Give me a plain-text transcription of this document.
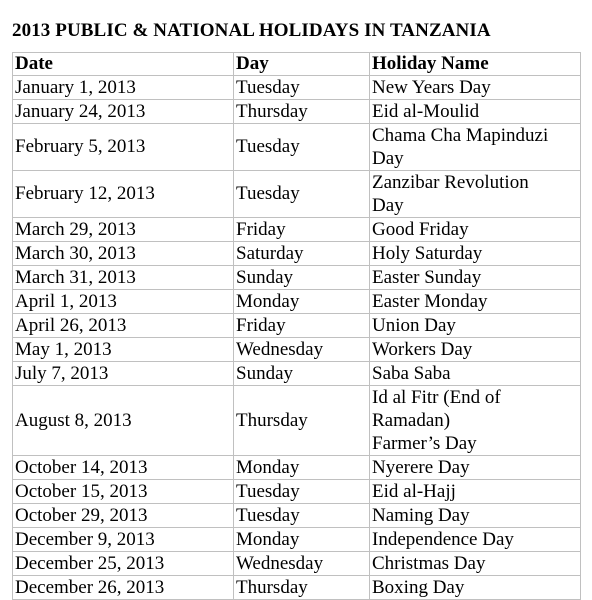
2013 PUBLIC & NATIONAL HOLIDAYS IN TANZANIA
Date	Day	Holiday Name
January 1, 2013	Tuesday	New Years Day

January 24, 2013	Thursday	Eid al-Moulid

February 5, 2013	Tuesday	Chama Cha Mapinduzi
Day

February 12, 2013	Tuesday	Zanzibar Revolution
Day

March 29, 2013	Friday	Good Friday

March 30, 2013	Saturday	Holy Saturday

March 31, 2013	Sunday	Easter Sunday

April 1, 2013	Monday	Easter Monday

April 26, 2013	Friday	Union Day

May 1, 2013	Wednesday	Workers Day

July 7, 2013	Sunday	Saba Saba

August 8, 2013	Thursday	Id al Fitr (End of
Ramadan)
Farmer’s Day

October 14, 2013	Monday	Nyerere Day

October 15, 2013	Tuesday	Eid al-Hajj

October 29, 2013	Tuesday	Naming Day

December 9, 2013	Monday	Independence Day

December 25, 2013	Wednesday	Christmas Day

December 26, 2013	Thursday	Boxing Day
